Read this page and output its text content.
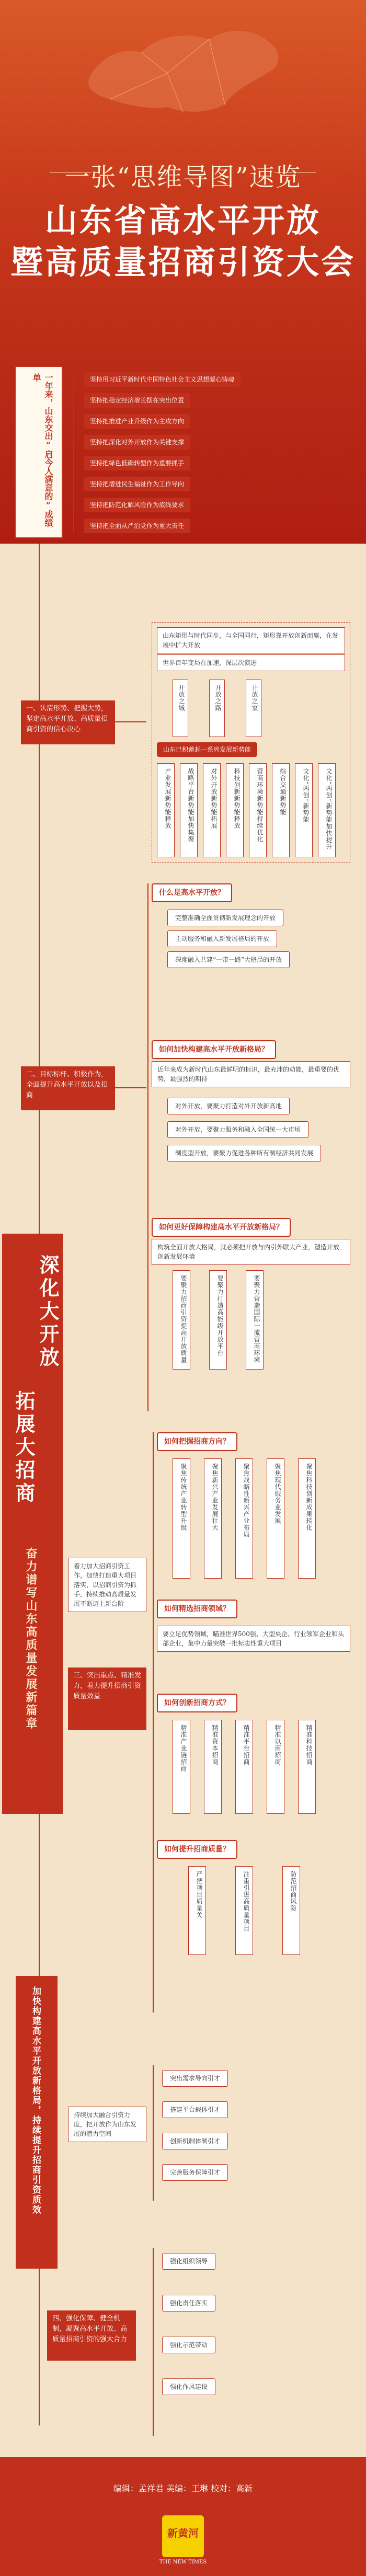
一张“思维导图”速览
山东省高水平开放
暨高质量招商引资大会
一年来，山东交出“启今人满意的”成绩单	坚持用习近平新时代中国特色社会主义思想凝心铸魂
坚持把稳定经济增长摆在突出位置
坚持把推进产业升级作为主攻方向
坚持把深化对外开放作为关键支撑
坚持把绿色低碳转型作为重要抓手
坚持把增进民生福祉作为工作导向
坚持把防范化解风险作为底线要求
坚持把全面从严治党作为重大责任
一、认清形势、把握大势，坚定高水平开放、高质量招商引资的信心决心
山东矩形与时代同步，与全国同行，矩形靠开放创新而赢，在发展中扩大开放
世界百年变局在加速，深层次演进
开放之城	开放之路	开放之家
山东已积蓄起一系列发展新势能
产业发展新势能释放	战略平台新势能加快集聚	对外开放新势能拓展	科技创新新势能释放	营商环境新势能持续优化	综合交通新势能	文化“两创”新势能	文化“两创”新势能加快提升
二、目标标杆、积极作为，全面提升高水平开放以及招商
什么是高水平开放？
完整准确全面贯彻新发展理念的开放
主动服务和融入新发展格局的开放
深度融入共建“一带一路”大格局的开放
如何加快构建高水平开放新格局？
近年来成为新时代山东最鲜明的标识，最充沛的动能，最重要的优势，最强烈的期待
对外开放，要聚力打造对外开放新高地
对外开放，要聚力服务和融入全国统一大市场
制度型开放，要聚力促进各种所有制经济共同发展
如何更好保障构建高水平开放新格局？
构筑全面开放大格局，就必须把开放与内引外联大产业，塑造开放创新发展环境
要聚力招商引资提高开放质量	要聚力打造高能级开放平台	要聚力营造国际一流营商环境
深化大开放
拓展大招商
奋力谱写山东高质量发展新篇章	三、突出重点、精准发力，着力提升招商引资质量效益
着力加大招商引资工作，加快打造重大项目落实，以招商引资为抓手，持续推动高质量发展不断迈上新台阶
如何把握招商方向？
聚焦传统产业转型升级	聚焦新兴产业发展壮大	聚焦战略性新兴产业布局	聚焦现代服务业发展	聚焦科技创新成果转化
如何精选招商领域？
要立足优势领域，瞄准世界500强、大型央企、行业领军企业和头部企业，集中力量突破一批标志性重大项目
如何创新招商方式？
精准产业链招商	精准资本招商	精准平台招商	精准以商招商	精准科技招商
如何提升招商质量？
严把项目质量关	注重引进高质量项目	防范招商风险
加快构建高水平开放新格局，持续提升招商引资质效	持续加大融合引资力度，把开放作为山东发展的潜力空间
突出需求导向引才
搭建平台载体引才
创新机制体制引才
完善服务保障引才
四、强化保障、健全机制，凝聚高水平开放、高质量招商引资的强大合力
强化组织领导
强化责任落实
强化示范带动
强化作风建设
编辑：孟祥君 美编：王琳 校对：高新
新黄河
THE NEW TIMES
